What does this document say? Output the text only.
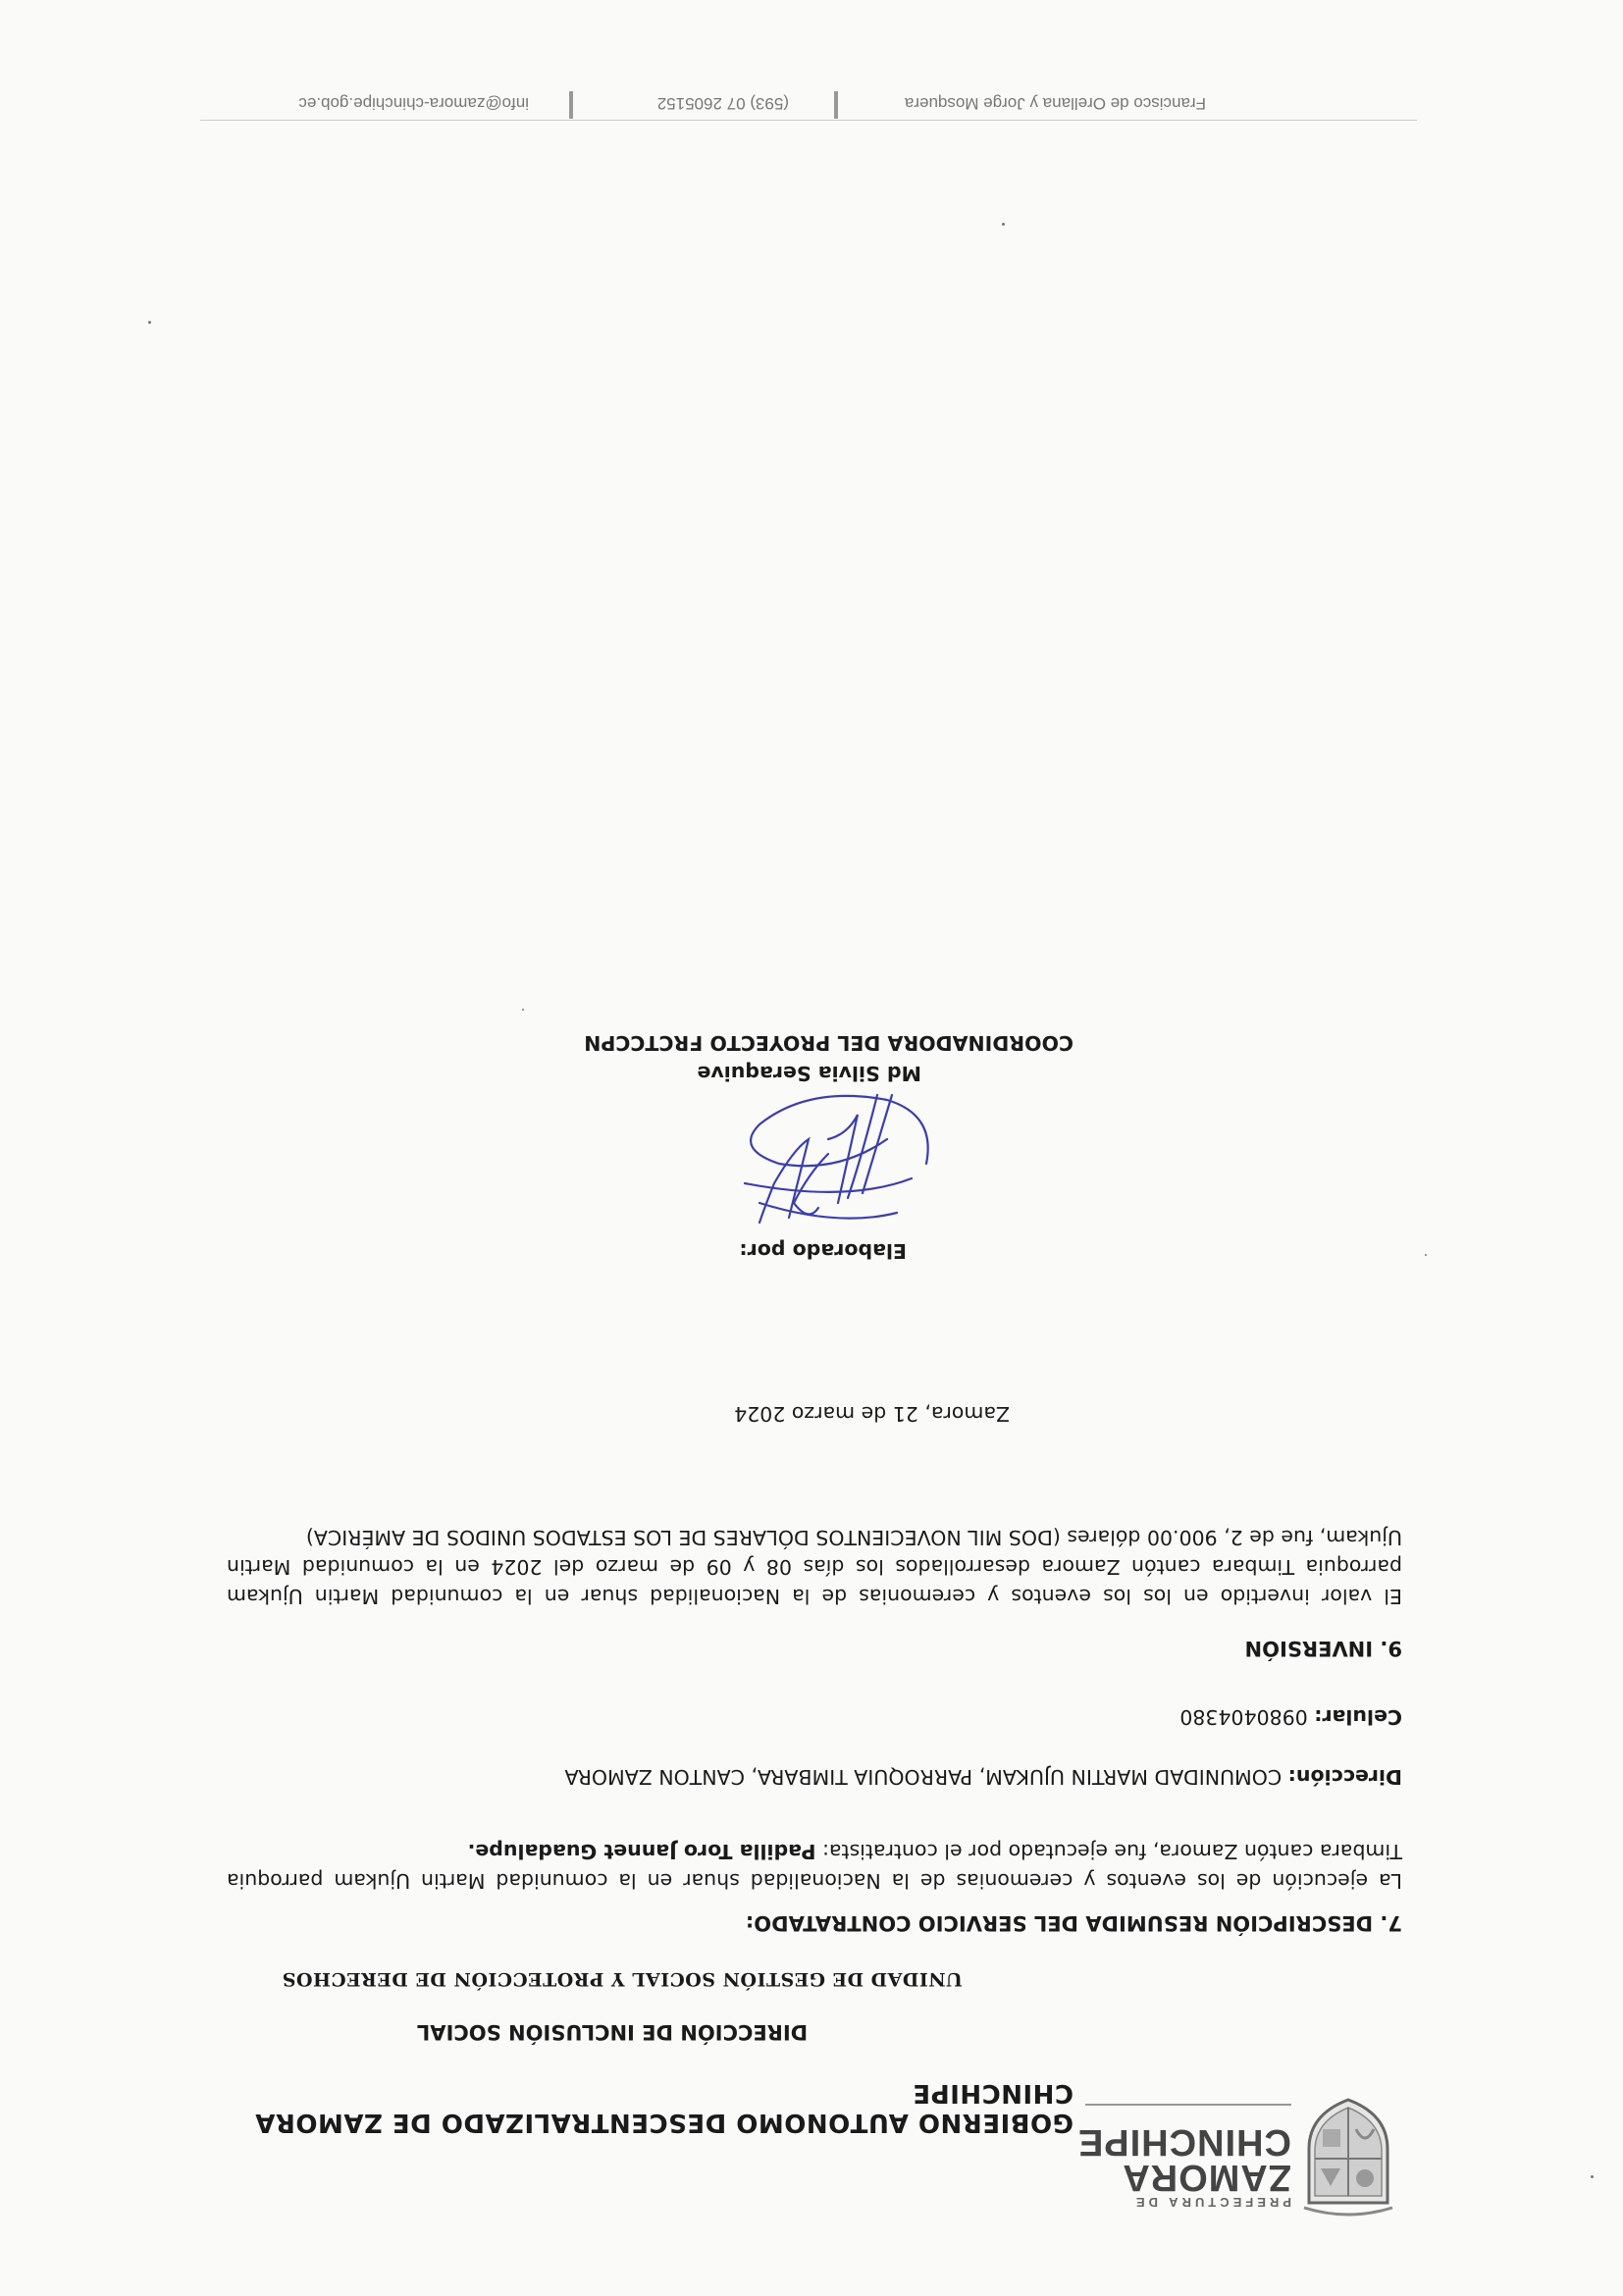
PREFECTURA DE
ZAMORA
CHINCHIPE
GOBIERNO AUTONOMO DESCENTRALIZADO DE ZAMORA CHINCHIPE
DIRECCIÓN DE INCLUSIÓN SOCIAL
UNIDAD DE GESTIÓN SOCIAL Y PROTECCIÓN DE DERECHOS
7. DESCRIPCIÓN RESUMIDA DEL SERVICIO CONTRATADO:
La ejecución de los eventos y ceremonias de la Nacionalidad shuar en la comunidad Martin Ujukam parroquia Timbara cantón Zamora, fue ejecutado por el contratista: Padilla Toro Jannet Guadalupe.
Dirección: COMUNIDAD MARTIN UJUKAM, PARROQUIA TIMBARA, CANTON ZAMORA
Celular: 0980404380
9. INVERSIÓN
El valor invertido en los los eventos y ceremonias de la Nacionalidad shuar en la comunidad Martin Ujukam parroquia Timbara cantón Zamora desarrollados los días 08 y 09 de marzo del 2024 en la comunidad Martin Ujukam, fue de 2, 900.00 dólares (DOS MIL NOVECIENTOS DÓLARES DE LOS ESTADOS UNIDOS DE AMÉRICA)
Zamora, 21 de marzo 2024
Elaborado por:
Md Silvia Seraquive
COORDINADORA DEL PROYECTO FRCTCCPN
Francisco de Orellana y Jorge Mosquera
(593) 07 2605152
info@zamora-chinchipe.gob.ec
